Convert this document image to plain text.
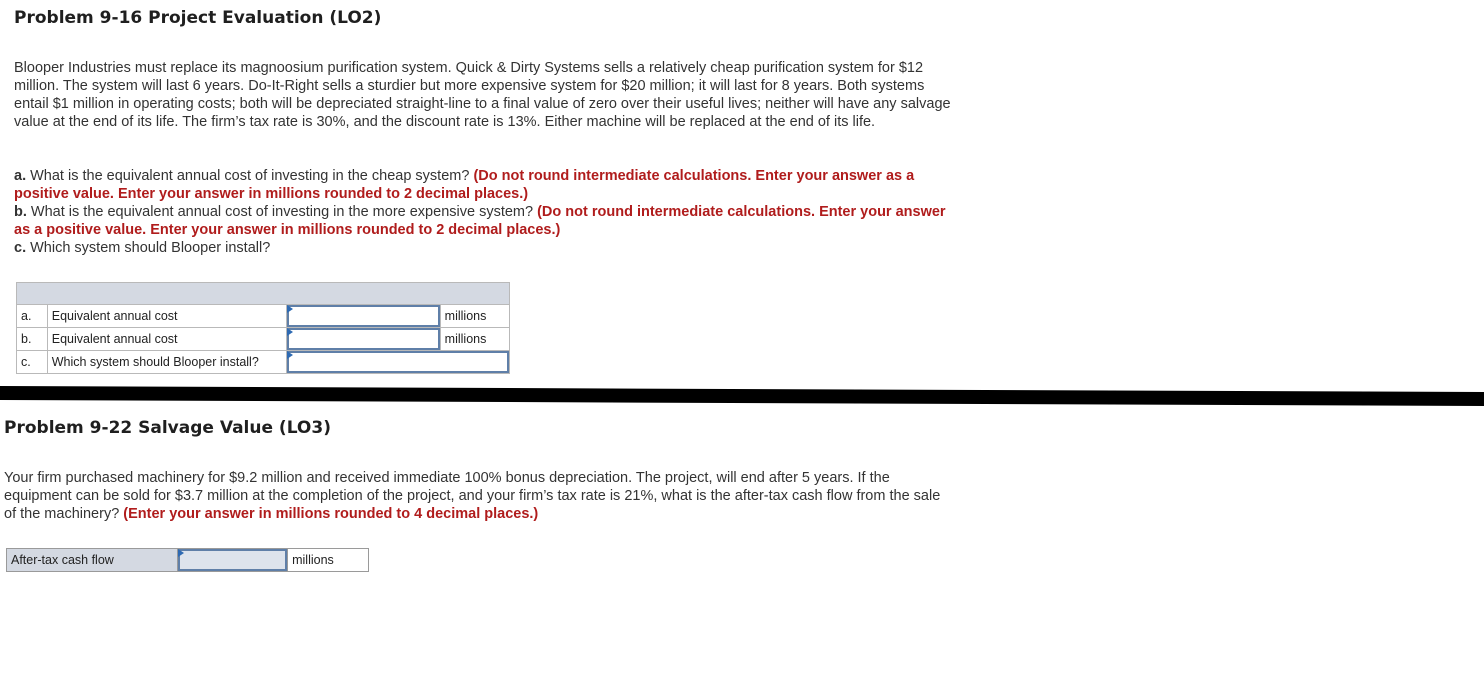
Problem 9-16 Project Evaluation (LO2)
Blooper Industries must replace its magnoosium purification system. Quick & Dirty Systems sells a relatively cheap purification system for $12 million. The system will last 6 years. Do-It-Right sells a sturdier but more expensive system for $20 million; it will last for 8 years. Both systems entail $1 million in operating costs; both will be depreciated straight-line to a final value of zero over their useful lives; neither will have any salvage value at the end of its life. The firm’s tax rate is 30%, and the discount rate is 13%. Either machine will be replaced at the end of its life.
a. What is the equivalent annual cost of investing in the cheap system? (Do not round intermediate calculations. Enter your answer as a positive value. Enter your answer in millions rounded to 2 decimal places.)
b. What is the equivalent annual cost of investing in the more expensive system? (Do not round intermediate calculations. Enter your answer as a positive value. Enter your answer in millions rounded to 2 decimal places.)
c. Which system should Blooper install?

a.	Equivalent annual cost		millions
b.	Equivalent annual cost		millions
c.	Which system should Blooper install?	
Problem 9-22 Salvage Value (LO3)
Your firm purchased machinery for $9.2 million and received immediate 100% bonus depreciation. The project, will end after 5 years. If the equipment can be sold for $3.7 million at the completion of the project, and your firm’s tax rate is 21%, what is the after-tax cash flow from the sale of the machinery? (Enter your answer in millions rounded to 4 decimal places.)
After-tax cash flow		millions
